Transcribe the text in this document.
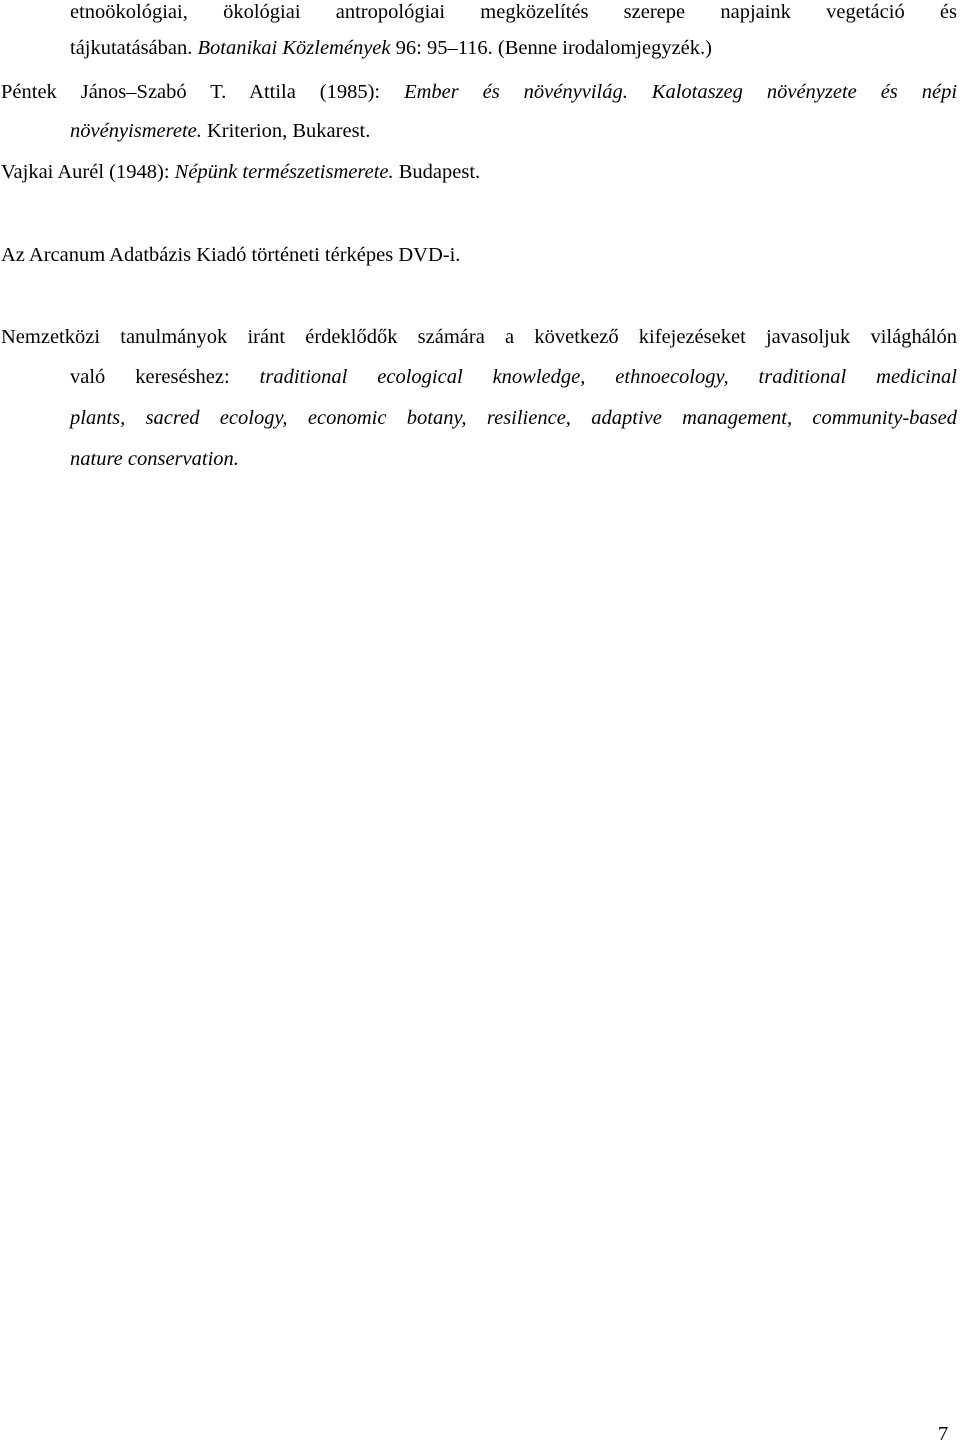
etnoökológiai, ökológiai antropológiai megközelítés szerepe napjaink vegetáció és
tájkutatásában. Botanikai Közlemények 96: 95–116. (Benne irodalomjegyzék.)
Péntek János–Szabó T. Attila (1985): Ember és növényvilág. Kalotaszeg növényzete és népi
növényismerete. Kriterion, Bukarest.
Vajkai Aurél (1948): Népünk természetismerete. Budapest.
Az Arcanum Adatbázis Kiadó történeti térképes DVD-i.
Nemzetközi tanulmányok iránt érdeklődők számára a következő kifejezéseket javasoljuk világhálón
való kereséshez: traditional ecological knowledge, ethnoecology, traditional medicinal
plants, sacred ecology, economic botany, resilience, adaptive management, community-based
nature conservation.
7
